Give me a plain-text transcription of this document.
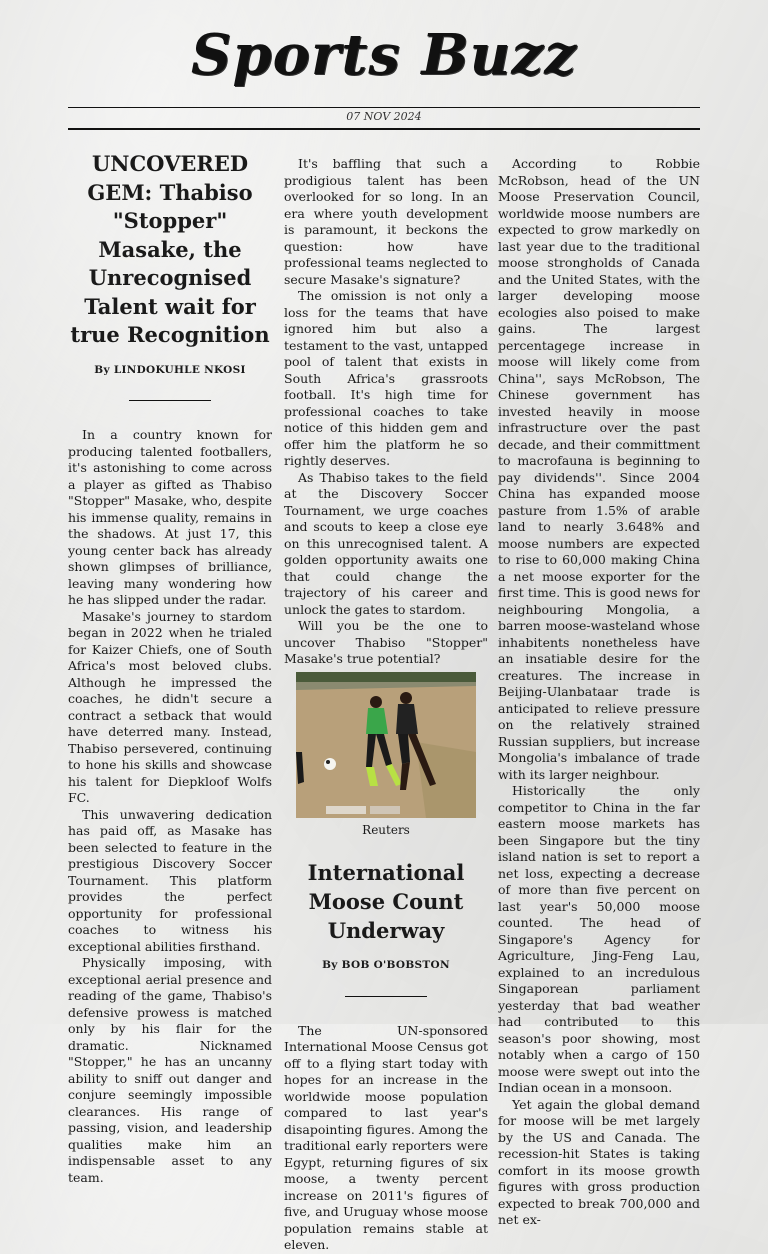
Sports Buzz
07 NOV 2024
UNCOVERED GEM: Thabiso "Stopper" Masake, the Unrecognised Talent wait for true Recognition
By LINDOKUHLE NKOSI

In a country known for producing talented footballers, it's astonishing to come across a player as gifted as Thabiso "Stopper" Masake, who, despite his immense quality, remains in the shadows. At just 17, this young center back has already shown glimpses of brilliance, leaving many wondering how he has slipped under the radar.

Masake's journey to stardom began in 2022 when he trialed for Kaizer Chiefs, one of South Africa's most beloved clubs. Although he impressed the coaches, he didn't secure a contract a setback that would have deterred many. Instead, Thabiso persevered, continuing to hone his skills and showcase his talent for Diepkloof Wolfs FC.

This unwavering dedication has paid off, as Masake has been selected to feature in the prestigious Discovery Soccer Tournament. This platform provides the perfect opportunity for professional coaches to witness his exceptional abilities firsthand.

Physically imposing, with exceptional aerial presence and reading of the game, Thabiso's defensive prowess is matched only by his flair for the dramatic. Nicknamed "Stopper," he has an uncanny ability to sniff out danger and conjure seemingly impossible clearances. His range of passing, vision, and leadership qualities make him an indispensable asset to any team.

It's baffling that such a prodigious talent has been overlooked for so long. In an era where youth development is paramount, it beckons the question: how have professional teams neglected to secure Masake's signature?

The omission is not only a loss for the teams that have ignored him but also a testament to the vast, untapped pool of talent that exists in South Africa's grassroots football. It's high time for professional coaches to take notice of this hidden gem and offer him the platform he so rightly deserves.

As Thabiso takes to the field at the Discovery Soccer Tournament, we urge coaches and scouts to keep a close eye on this unrecognised talent. A golden opportunity awaits one that could change the trajectory of his career and unlock the gates to stardom.

Will you be the one to uncover Thabiso "Stopper" Masake's true potential?

Reuters
International Moose Count Underway
By BOB O'BOBSTON

The UN-sponsored International Moose Census got off to a flying start today with hopes for an increase in the worldwide moose population compared to last year's disapointing figures. Among the traditional early reporters were Egypt, returning figures of six moose, a twenty percent increase on 2011's figures of five, and Uruguay whose moose population remains stable at eleven.

According to Robbie McRobson, head of the UN Moose Preservation Council, worldwide moose numbers are expected to grow markedly on last year due to the traditional moose strongholds of Canada and the United States, with the larger developing moose ecologies also poised to make gains. The largest percentagege increase in moose will likely come from China'', says McRobson, The Chinese government has invested heavily in moose infrastructure over the past decade, and their committment to macrofauna is beginning to pay dividends''. Since 2004 China has expanded moose pasture from 1.5% of arable land to nearly 3.648% and moose numbers are expected to rise to 60,000 making China a net moose exporter for the first time. This is good news for neighbouring Mongolia, a barren moose-wasteland whose inhabitents nonetheless have an insatiable desire for the creatures. The increase in Beijing-Ulanbataar trade is anticipated to relieve pressure on the relatively strained Russian suppliers, but increase Mongolia's imbalance of trade with its larger neighbour.

Historically the only competitor to China in the far eastern moose markets has been Singapore but the tiny island nation is set to report a net loss, expecting a decrease of more than five percent on last year's 50,000 moose counted. The head of Singapore's Agency for Agriculture, Jing-Feng Lau, explained to an incredulous Singaporean parliament yesterday that bad weather had contributed to this season's poor showing, most notably when a cargo of 150 moose were swept out into the Indian ocean in a monsoon.

Yet again the global demand for moose will be met largely by the US and Canada. The recession-hit States is taking comfort in its moose growth figures with gross production expected to break 700,000 and net ex-
